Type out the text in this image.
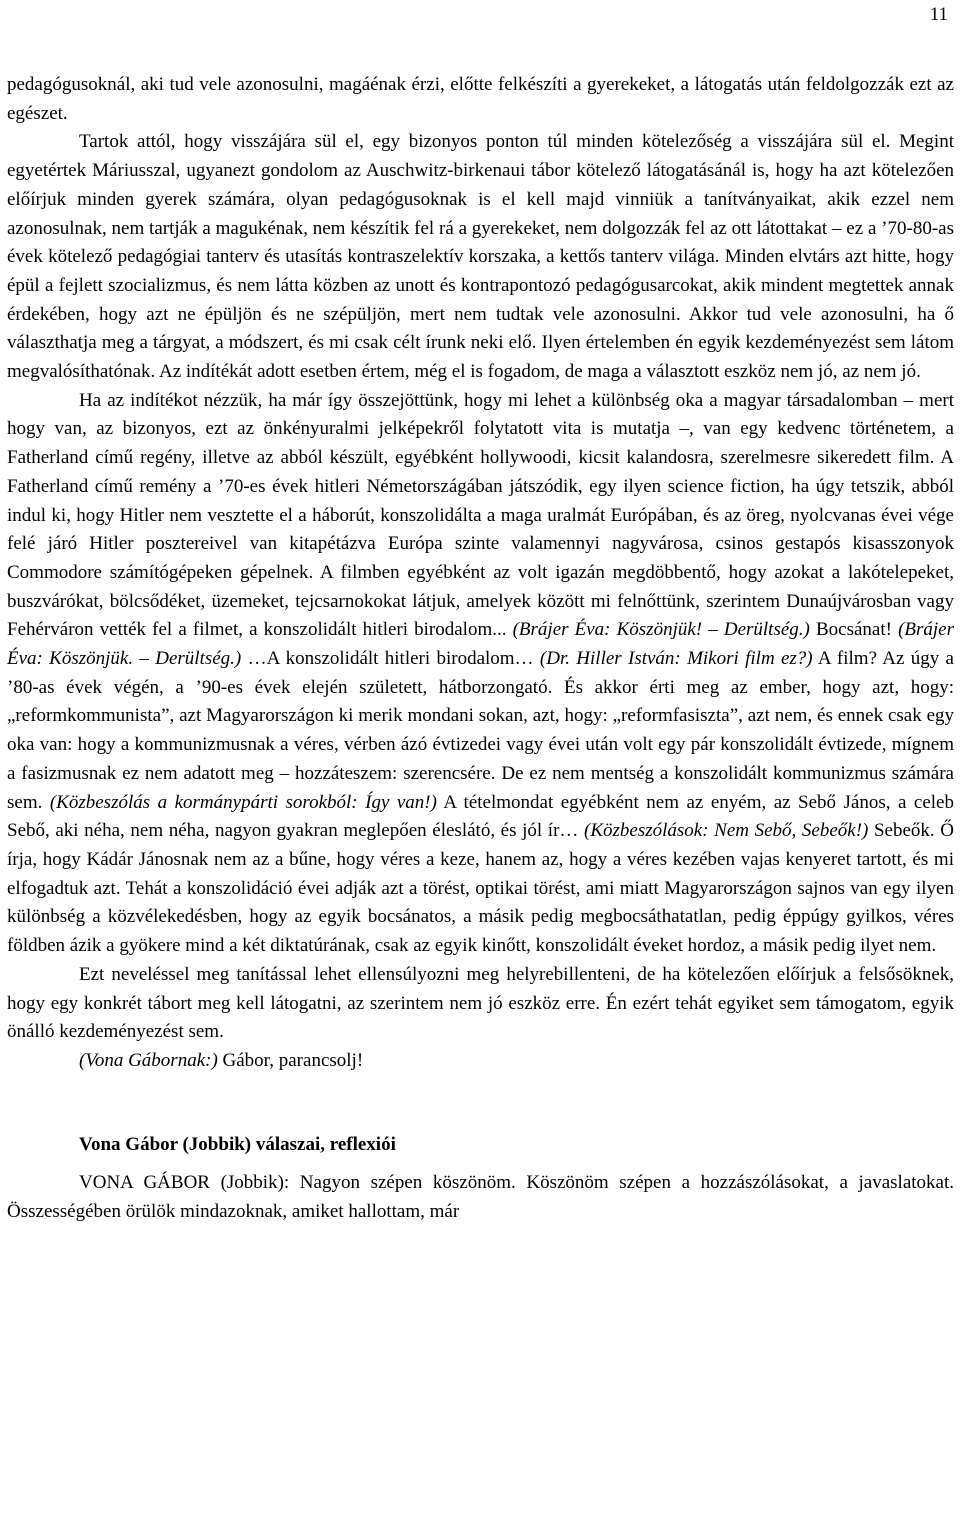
11

pedagógusoknál, aki tud vele azonosulni, magáénak érzi, előtte felkészíti a gyerekeket, a látogatás után feldolgozzák ezt az egészet.

Tartok attól, hogy visszájára sül el, egy bizonyos ponton túl minden kötelezőség a visszájára sül el. Megint egyetértek Máriusszal, ugyanezt gondolom az Auschwitz-birkenaui tábor kötelező látogatásánál is, hogy ha azt kötelezően előírjuk minden gyerek számára, olyan pedagógusoknak is el kell majd vinniük a tanítványaikat, akik ezzel nem azonosulnak, nem tartják a magukénak, nem készítik fel rá a gyerekeket, nem dolgozzák fel az ott látottakat – ez a ’70-80-as évek kötelező pedagógiai tanterv és utasítás kontraszelektív korszaka, a kettős tanterv világa. Minden elvtárs azt hitte, hogy épül a fejlett szocializmus, és nem látta közben az unott és kontrapontozó pedagógusarcokat, akik mindent megtettek annak érdekében, hogy azt ne épüljön és ne szépüljön, mert nem tudtak vele azonosulni. Akkor tud vele azonosulni, ha ő választhatja meg a tárgyat, a módszert, és mi csak célt írunk neki elő. Ilyen értelemben én egyik kezdeményezést sem látom megvalósíthatónak. Az indítékát adott esetben értem, még el is fogadom, de maga a választott eszköz nem jó, az nem jó.

Ha az indítékot nézzük, ha már így összejöttünk, hogy mi lehet a különbség oka a magyar társadalomban – mert hogy van, az bizonyos, ezt az önkényuralmi jelképekről folytatott vita is mutatja –, van egy kedvenc történetem, a Fatherland című regény, illetve az abból készült, egyébként hollywoodi, kicsit kalandosra, szerelmesre sikeredett film. A Fatherland című remény a ’70-es évek hitleri Németországában játszódik, egy ilyen science fiction, ha úgy tetszik, abból indul ki, hogy Hitler nem vesztette el a háborút, konszolidálta a maga uralmát Európában, és az öreg, nyolcvanas évei vége felé járó Hitler posztereivel van kitapétázva Európa szinte valamennyi nagyvárosa, csinos gestapós kisasszonyok Commodore számítógépeken gépelnek. A filmben egyébként az volt igazán megdöbbentő, hogy azokat a lakótelepeket, buszvárókat, bölcsődéket, üzemeket, tejcsarnokokat látjuk, amelyek között mi felnőttünk, szerintem Dunaújvárosban vagy Fehérváron vették fel a filmet, a konszolidált hitleri birodalom... (Brájer Éva: Köszönjük! – Derültség.) Bocsánat! (Brájer Éva: Köszönjük. – Derültség.) …A konszolidált hitleri birodalom… (Dr. Hiller István: Mikori film ez?) A film? Az úgy a ’80-as évek végén, a ’90-es évek elején született, hátborzongató. És akkor érti meg az ember, hogy azt, hogy: „reformkommunista”, azt Magyarországon ki merik mondani sokan, azt, hogy: „reformfasiszta”, azt nem, és ennek csak egy oka van: hogy a kommunizmusnak a véres, vérben ázó évtizedei vagy évei után volt egy pár konszolidált évtizede, mígnem a fasizmusnak ez nem adatott meg – hozzáteszem: szerencsére. De ez nem mentség a konszolidált kommunizmus számára sem. (Közbeszólás a kormánypárti sorokból: Így van!) A tételmondat egyébként nem az enyém, az Sebő János, a celeb Sebő, aki néha, nem néha, nagyon gyakran meglepően éleslátó, és jól ír… (Közbeszólások: Nem Sebő, Sebeők!) Sebeők. Ő írja, hogy Kádár Jánosnak nem az a bűne, hogy véres a keze, hanem az, hogy a véres kezében vajas kenyeret tartott, és mi elfogadtuk azt. Tehát a konszolidáció évei adják azt a törést, optikai törést, ami miatt Magyarországon sajnos van egy ilyen különbség a közvélekedésben, hogy az egyik bocsánatos, a másik pedig megbocsáthatatlan, pedig éppúgy gyilkos, véres földben ázik a gyökere mind a két diktatúrának, csak az egyik kinőtt, konszolidált éveket hordoz, a másik pedig ilyet nem.

Ezt neveléssel meg tanítással lehet ellensúlyozni meg helyrebillenteni, de ha kötelezően előírjuk a felsősöknek, hogy egy konkrét tábort meg kell látogatni, az szerintem nem jó eszköz erre. Én ezért tehát egyiket sem támogatom, egyik önálló kezdeményezést sem.

(Vona Gábornak:) Gábor, parancsolj!

Vona Gábor (Jobbik) válaszai, reflexiói

VONA GÁBOR (Jobbik): Nagyon szépen köszönöm. Köszönöm szépen a hozzászólásokat, a javaslatokat. Összességében örülök mindazoknak, amiket hallottam, már
